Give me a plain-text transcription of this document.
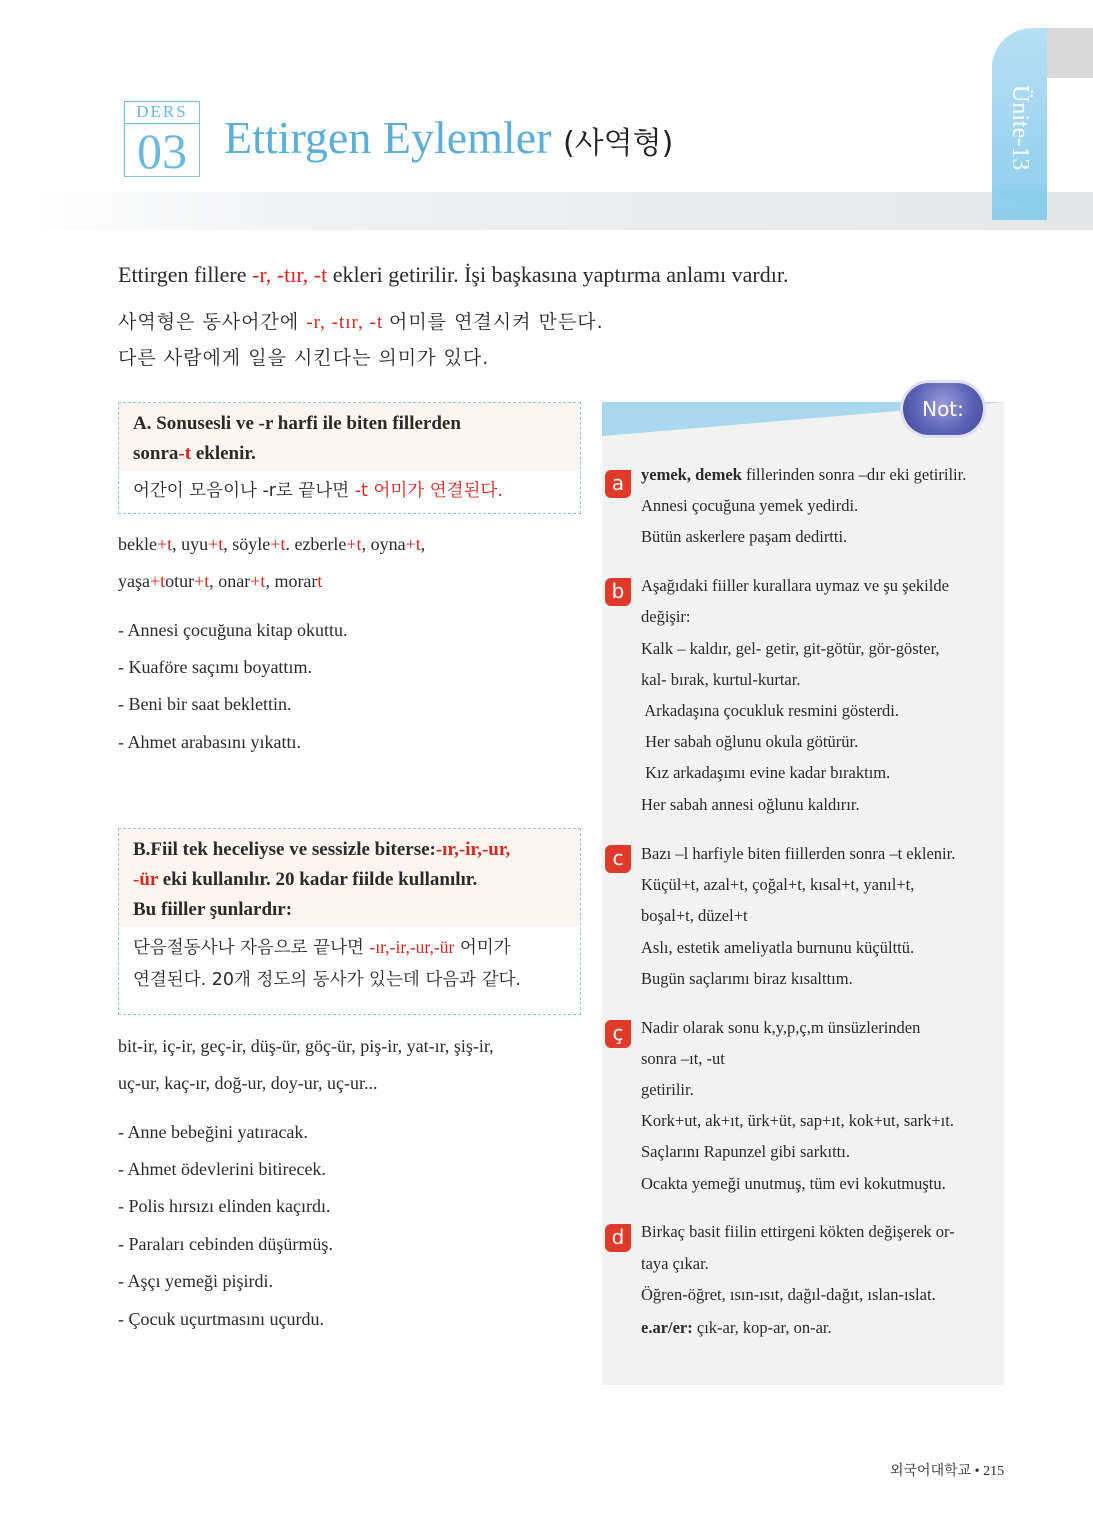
DERS
03 Ettirgen Eylemler (사역형)	Ünite-13
Ettirgen fillere -r, -tır, -t ekleri getirilir. İşi başkasına yaptırma anlamı vardır.
사역형은 동사어간에 -r, -tır, -t 어미를 연결시켜 만든다.
다른 사람에게 일을 시킨다는 의미가 있다.
A. Sonusesli ve -r harfi ile biten fillerden
sonra-t eklenir.
어간이 모음이나 -r로 끝나면 -t 어미가 연결된다.
bekle+t, uyu+t, söyle+t. ezberle+t, oyna+t,
yaşa+totur+t, onar+t, morart
- Annesi çocuğuna kitap okuttu.
- Kuaföre saçımı boyattım.
- Beni bir saat beklettin.
- Ahmet arabasını yıkattı.
B.Fiil tek heceliyse ve sessizle biterse:-ır,-ir,-ur,
-ür eki kullanılır. 20 kadar fiilde kullanılır.
Bu fiiller şunlardır:
단음절동사나 자음으로 끝나면 -ır,-ir,-ur,-ür 어미가
연결된다. 20개 정도의 동사가 있는데 다음과 같다.
bit-ir, iç-ir, geç-ir, düş-ür, göç-ür, piş-ir, yat-ır, şiş-ir,
uç-ur, kaç-ır, doğ-ur, doy-ur, uç-ur...
- Anne bebeğini yatıracak.
- Ahmet ödevlerini bitirecek.
- Polis hırsızı elinden kaçırdı.
- Paraları cebinden düşürmüş.
- Aşçı yemeği pişirdi.
- Çocuk uçurtmasını uçurdu.
Not:
a	yemek, demek fillerinden sonra –dır eki getirilir.
Annesi çocuğuna yemek yedirdi.
Bütün askerlere paşam dedirtti.
b	Aşağıdaki fiiller kurallara uymaz ve şu şekilde
değişir:
Kalk – kaldır, gel- getir, git-götür, gör-göster,
kal- bırak, kurtul-kurtar.
Arkadaşına çocukluk resmini gösterdi.
Her sabah oğlunu okula götürür.
Kız arkadaşımı evine kadar bıraktım.
Her sabah annesi oğlunu kaldırır.
c	Bazı –l harfiyle biten fiillerden sonra –t eklenir.
Küçül+t, azal+t, çoğal+t, kısal+t, yanıl+t,
boşal+t, düzel+t
Aslı, estetik ameliyatla burnunu küçülttü.
Bugün saçlarımı biraz kısalttım.
ç	Nadir olarak sonu k,y,p,ç,m ünsüzlerinden
sonra –ıt, -ut
getirilir.
Kork+ut, ak+ıt, ürk+üt, sap+ıt, kok+ut, sark+ıt.
Saçlarını Rapunzel gibi sarkıttı.
Ocakta yemeği unutmuş, tüm evi kokutmuştu.
d	Birkaç basit fiilin ettirgeni kökten değişerek or-
taya çıkar.
Öğren-öğret, ısın-ısıt, dağıl-dağıt, ıslan-ıslat.
e.ar/er: çık-ar, kop-ar, on-ar.
외국어대학교 • 215
